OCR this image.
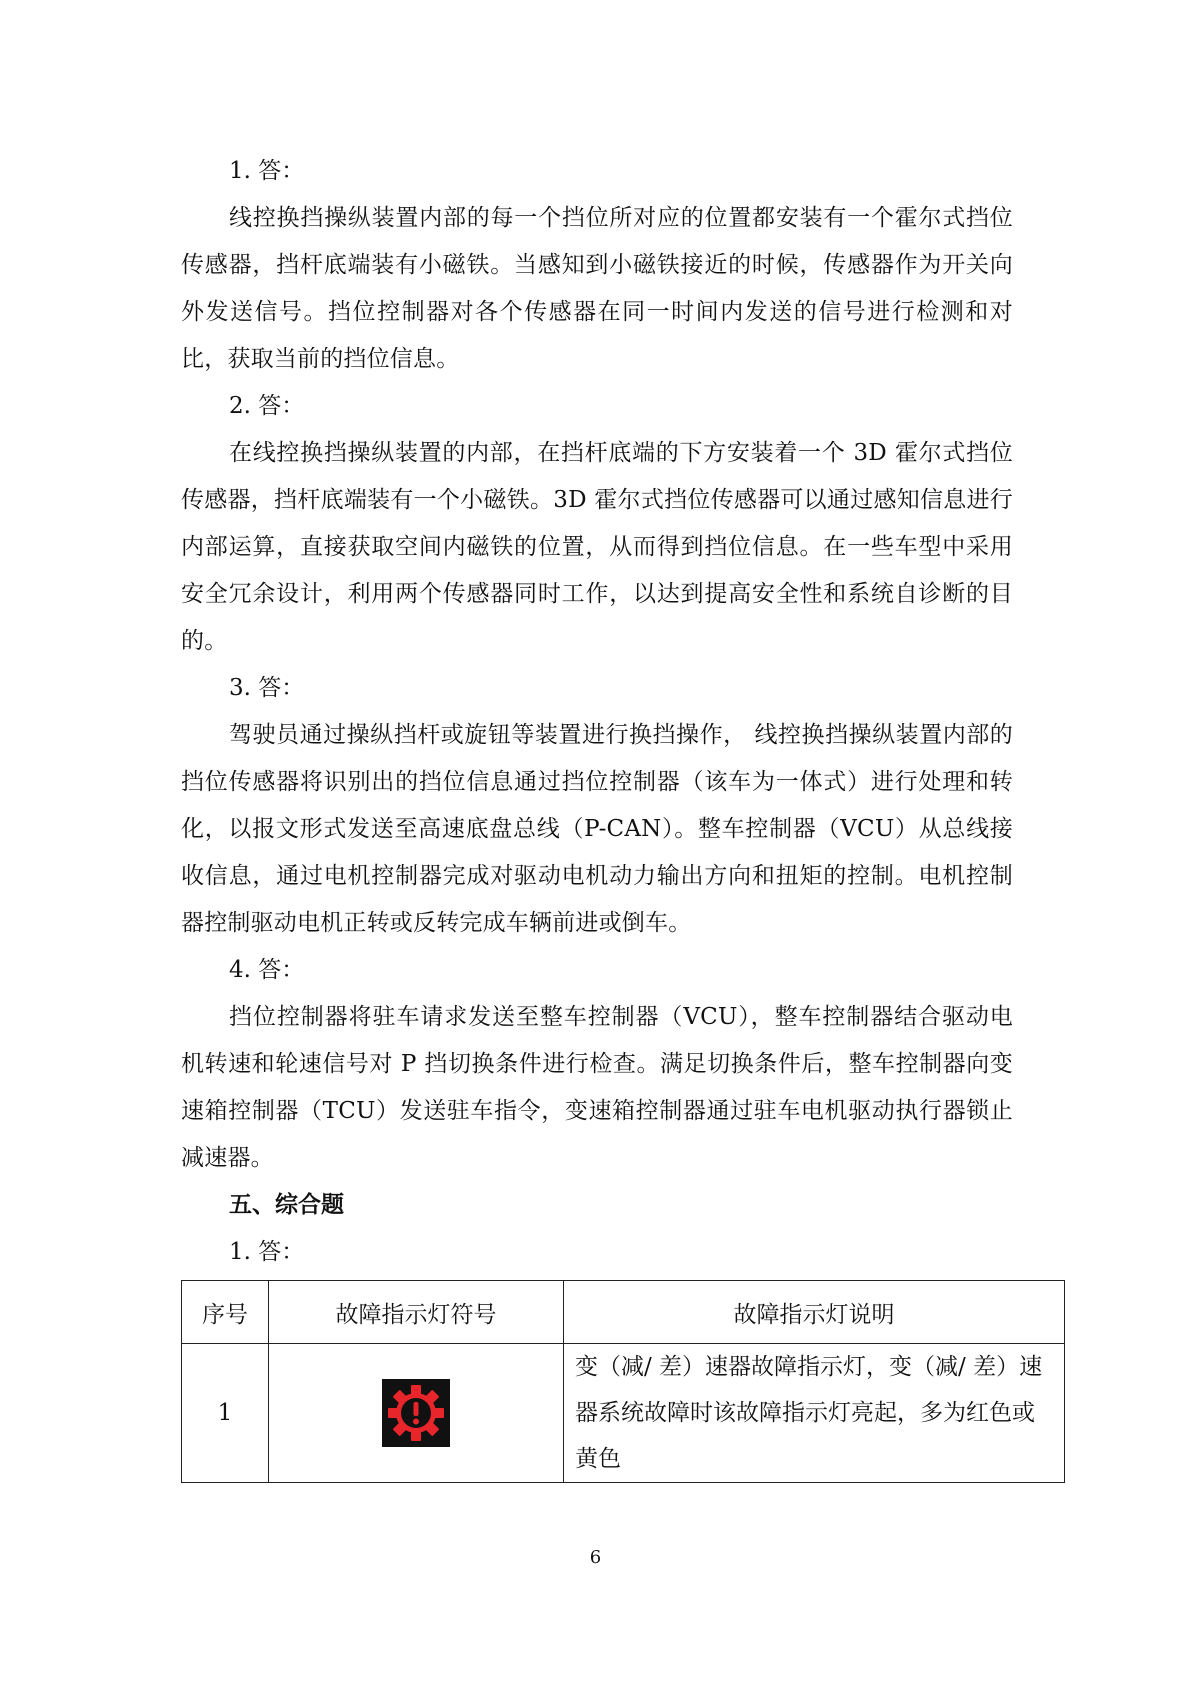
1. 答：

线控换挡操纵装置内部的每一个挡位所对应的位置都安装有一个霍尔式挡位传感器，挡杆底端装有小磁铁。当感知到小磁铁接近的时候，传感器作为开关向外发送信号。挡位控制器对各个传感器在同一时间内发送的信号进行检测和对比，获取当前的挡位信息。

2. 答：

在线控换挡操纵装置的内部，在挡杆底端的下方安装着一个 3D 霍尔式挡位传感器，挡杆底端装有一个小磁铁。3D 霍尔式挡位传感器可以通过感知信息进行内部运算，直接获取空间内磁铁的位置，从而得到挡位信息。在一些车型中采用安全冗余设计，利用两个传感器同时工作，以达到提高安全性和系统自诊断的目的。

3. 答：

驾驶员通过操纵挡杆或旋钮等装置进行换挡操作， 线控换挡操纵装置内部的挡位传感器将识别出的挡位信息通过挡位控制器（该车为一体式）进行处理和转化，以报文形式发送至高速底盘总线（P-CAN）。整车控制器（VCU）从总线接收信息，通过电机控制器完成对驱动电机动力输出方向和扭矩的控制。电机控制器控制驱动电机正转或反转完成车辆前进或倒车。

4. 答：

挡位控制器将驻车请求发送至整车控制器（VCU），整车控制器结合驱动电机转速和轮速信号对 P 挡切换条件进行检查。满足切换条件后，整车控制器向变速箱控制器（TCU）发送驻车指令，变速箱控制器通过驻车电机驱动执行器锁止减速器。

五、综合题
1. 答：
序号	故障指示灯符号	故障指示灯说明
1		变（减/ 差）速器故障指示灯，变（减/ 差）速器系统故障时该故障指示灯亮起，多为红色或黄色
6
